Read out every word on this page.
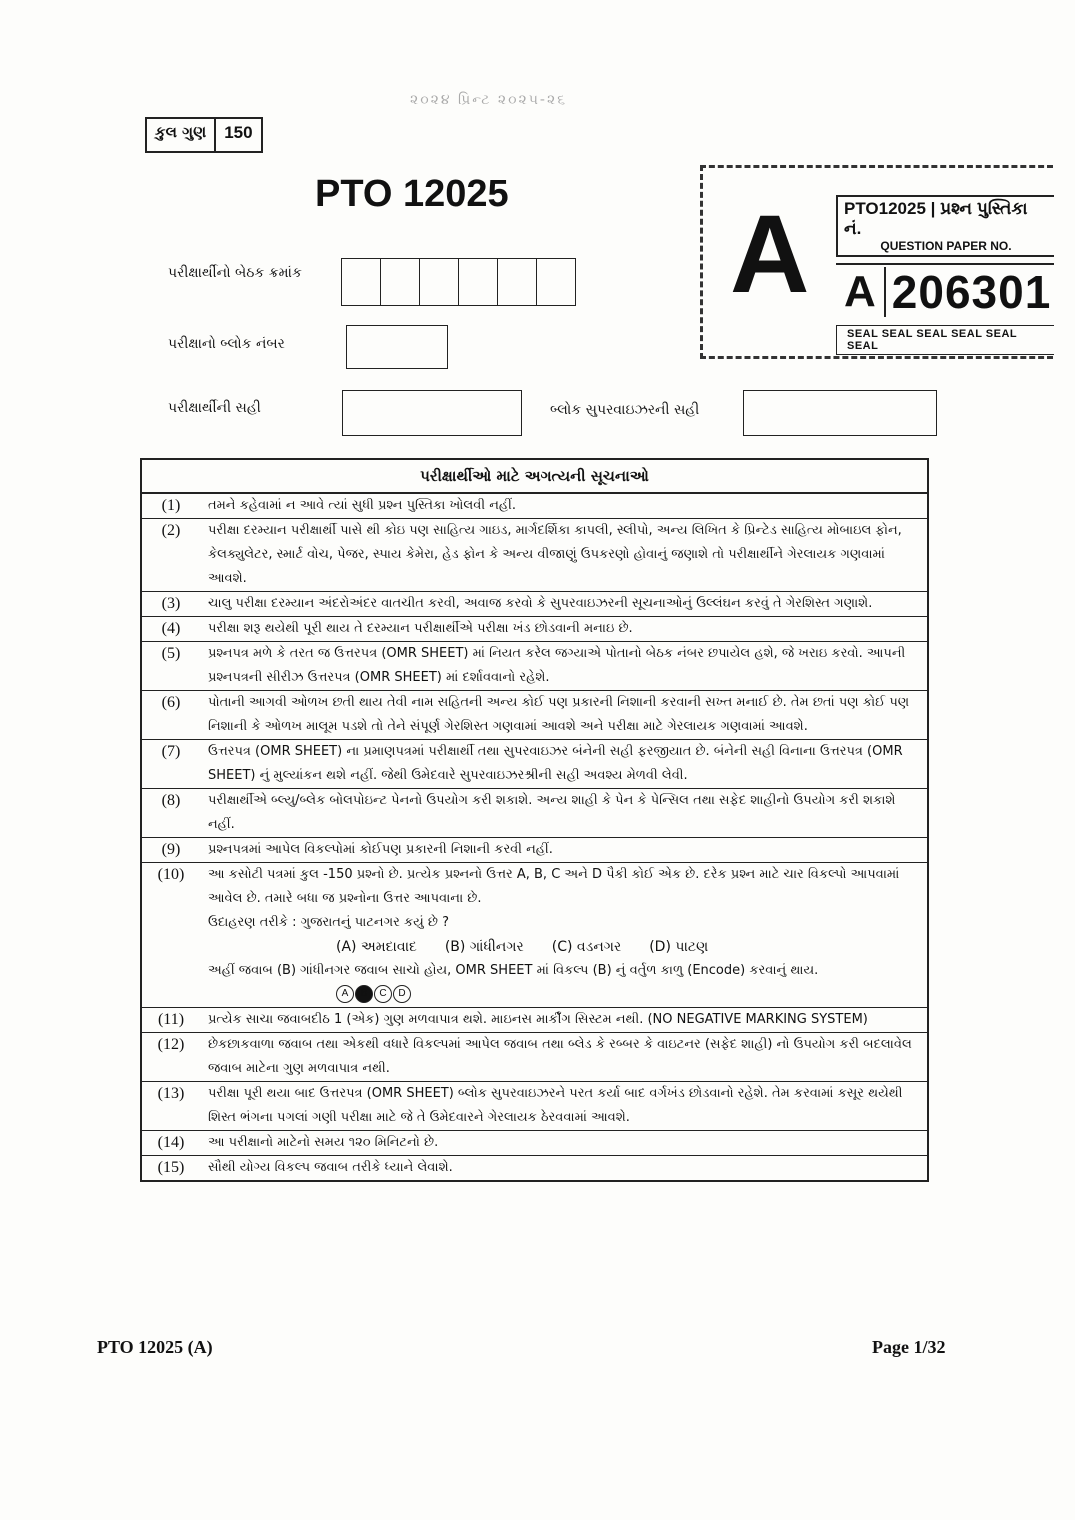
૨૦૨૪ પ્રિન્ટ ૨૦૨૫-૨૬
કુલ ગુણ	150
PTO 12025
પરીક્ષાર્થીનો બેઠક ક્રમાંક
પરીક્ષાનો બ્લોક નંબર
પરીક્ષાર્થીની સહી	બ્લોક સુપરવાઇઝરની સહી
A	PTO12025 | પ્રશ્ન પુસ્તિકા નં.
QUESTION PAPER NO.
A 206301
SEAL SEAL SEAL SEAL SEAL SEAL
પરીક્ષાર્થીઓ માટે અગત્યની સૂચનાઓ
(1)	તમને કહેવામાં ન આવે ત્યાં સુધી પ્રશ્ન પુસ્તિકા ખોલવી નહીં.
(2)	પરીક્ષા દરમ્યાન પરીક્ષાર્થી પાસે થી કોઇ પણ સાહિત્ય ગાઇડ, માર્ગદર્શિકા કાપલી, સ્લીપો, અન્ય લિખિત કે પ્રિન્ટેડ સાહિત્ય મોબાઇલ ફોન, કેલક્યુલેટર, સ્માર્ટ વોચ, પેજર, સ્પાય કેમેરા, હેડ ફોન કે અન્ય વીજાણું ઉપકરણો હોવાનું જણાશે તો પરીક્ષાર્થીને ગેરલાયક ગણવામાં આવશે.
(3)	ચાલુ પરીક્ષા દરમ્યાન અંદરોઅંદર વાતચીત કરવી, અવાજ કરવો કે સુપરવાઇઝરની સૂચનાઓનું ઉલ્લંઘન કરવું તે ગેરશિસ્ત ગણાશે.
(4)	પરીક્ષા શરૂ થયેથી પૂરી થાય તે દરમ્યાન પરીક્ષાર્થીએ પરીક્ષા ખંડ છોડવાની મનાઇ છે.
(5)	પ્રશ્નપત્ર મળે કે તરત જ ઉત્તરપત્ર (OMR SHEET) માં નિયત કરેલ જગ્યાએ પોતાનો બેઠક નંબર છપાયેલ હશે, જે ખરાઇ કરવો. આપની પ્રશ્નપત્રની સીરીઝ ઉત્તરપત્ર (OMR SHEET) માં દર્શાવવાનો રહેશે.
(6)	પોતાની આગવી ઓળખ છતી થાય તેવી નામ સહિતની અન્ય કોઈ પણ પ્રકારની નિશાની કરવાની સખ્ત મનાઈ છે. તેમ છતાં પણ કોઈ પણ નિશાની કે ઓળખ માલૂમ પડશે તો તેને સંપૂર્ણ ગેરશિસ્ત ગણવામાં આવશે અને પરીક્ષા માટે ગેરલાયક ગણવામાં આવશે.
(7)	ઉત્તરપત્ર (OMR SHEET) ના પ્રમાણપત્રમાં પરીક્ષાર્થી તથા સુપરવાઇઝર બંનેની સહી ફરજીયાત છે. બંનેની સહી વિનાના ઉત્તરપત્ર (OMR SHEET) નું મુલ્યાંકન થશે નહીં. જેથી ઉમેદવારે સુપરવાઇઝરશ્રીની સહી અવશ્ય મેળવી લેવી.
(8)	પરીક્ષાર્થીએ બ્લ્યુ/બ્લેક બોલપોઇન્ટ પેનનો ઉપયોગ કરી શકાશે. અન્ય શાહી કે પેન કે પેન્સિલ તથા સફેદ શાહીનો ઉપયોગ કરી શકાશે નહીં.
(9)	પ્રશ્નપત્રમાં આપેલ વિકલ્પોમાં કોઈપણ પ્રકારની નિશાની કરવી નહીં.
(10)	આ કસોટી પત્રમાં કુલ -150 પ્રશ્નો છે. પ્રત્યેક પ્રશ્નનો ઉત્તર A, B, C અને D પૈકી કોઈ એક છે. દરેક પ્રશ્ન માટે ચાર વિકલ્પો આપવામાં આવેલ છે. તમારે બધા જ પ્રશ્નોના ઉત્તર આપવાના છે.
ઉદાહરણ તરીકે : ગુજરાતનું પાટનગર કયું છે ?
(A) અમદાવાદ (B) ગાંધીનગર (C) વડનગર (D) પાટણ
અહીં જવાબ (B) ગાંધીનગર જવાબ સાચો હોય, OMR SHEET માં વિકલ્પ (B) નું વર્તુળ કાળુ (Encode) કરવાનું થાય.
A	B	C	D
(11)	પ્રત્યેક સાચા જવાબદીઠ 1 (એક) ગુણ મળવાપાત્ર થશે. માઇનસ માર્કીંગ સિસ્ટમ નથી. (NO NEGATIVE MARKING SYSTEM)
(12)	છેકછાકવાળા જવાબ તથા એકથી વધારે વિકલ્પમાં આપેલ જવાબ તથા બ્લેડ કે રબ્બર કે વાઇટનર (સફેદ શાહી) નો ઉપયોગ કરી બદલાવેલ જવાબ માટેના ગુણ મળવાપાત્ર નથી.
(13)	પરીક્ષા પૂરી થયા બાદ ઉત્તરપત્ર (OMR SHEET) બ્લોક સુપરવાઇઝરને પરત કર્યા બાદ વર્ગખંડ છોડવાનો રહેશે. તેમ કરવામાં કસૂર થયેથી શિસ્ત ભંગના પગલાં ગણી પરીક્ષા માટે જે તે ઉમેદવારને ગેરલાયક ઠેરવવામાં આવશે.
(14)	આ પરીક્ષાનો માટેનો સમય ૧૨૦ મિનિટનો છે.
(15)	સૌથી યોગ્ય વિકલ્પ જવાબ તરીકે ધ્યાને લેવાશે.
PTO 12025 (A)	Page 1/32
